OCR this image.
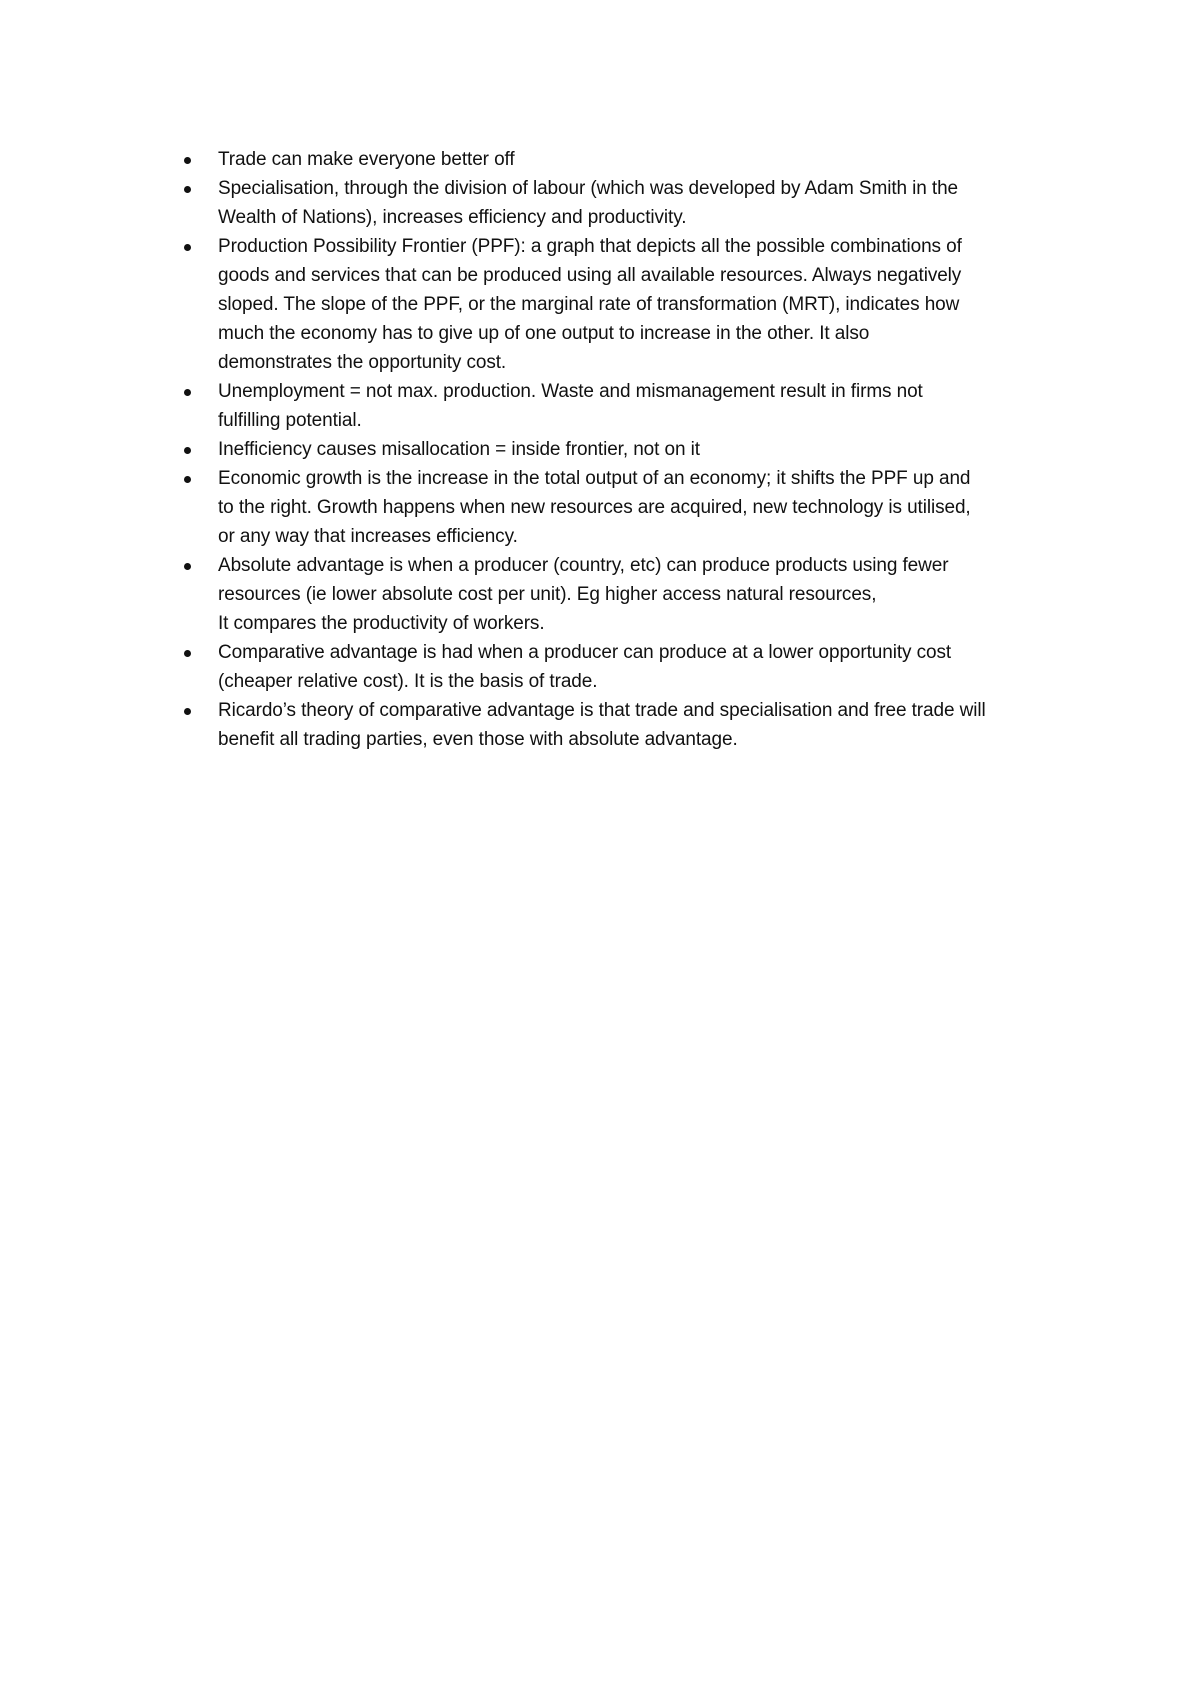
Trade can make everyone better off
Specialisation, through the division of labour (which was developed by Adam Smith in the
Wealth of Nations), increases efficiency and productivity.
Production Possibility Frontier (PPF): a graph that depicts all the possible combinations of
goods and services that can be produced using all available resources. Always negatively
sloped. The slope of the PPF, or the marginal rate of transformation (MRT), indicates how
much the economy has to give up of one output to increase in the other. It also
demonstrates the opportunity cost.
Unemployment = not max. production. Waste and mismanagement result in firms not
fulfilling potential.
Inefficiency causes misallocation = inside frontier, not on it
Economic growth is the increase in the total output of an economy; it shifts the PPF up and
to the right. Growth happens when new resources are acquired, new technology is utilised,
or any way that increases efficiency.
Absolute advantage is when a producer (country, etc) can produce products using fewer
resources (ie lower absolute cost per unit). Eg higher access natural resources,
It compares the productivity of workers.
Comparative advantage is had when a producer can produce at a lower opportunity cost
(cheaper relative cost). It is the basis of trade.
Ricardo’s theory of comparative advantage is that trade and specialisation and free trade will
benefit all trading parties, even those with absolute advantage.
